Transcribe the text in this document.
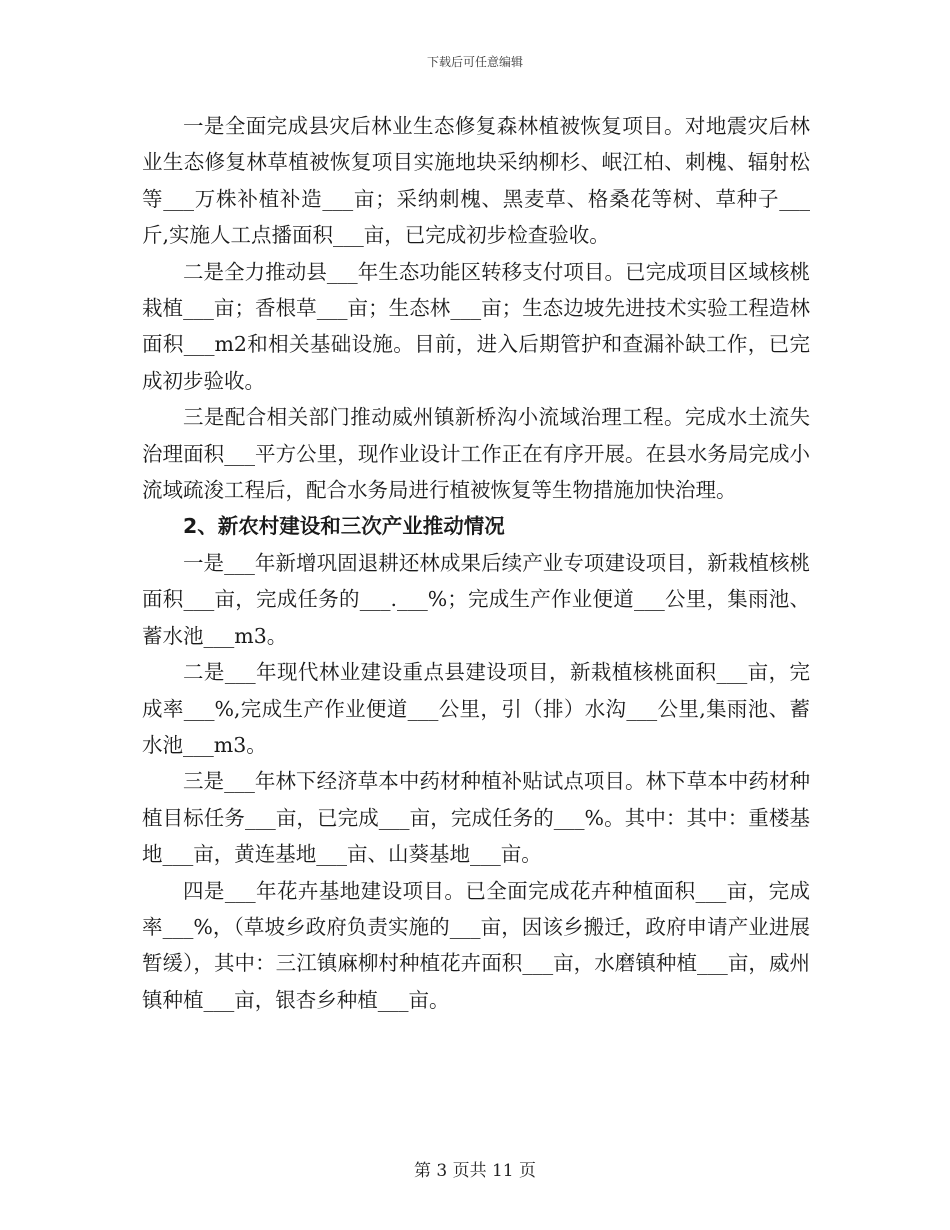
下载后可任意编辑

一是全面完成县灾后林业生态修复森林植被恢复项目。对地震灾后林业生态修复林草植被恢复项目实施地块采纳柳杉、岷江柏、刺槐、辐射松等___万株补植补造___亩；采纳刺槐、黑麦草、格桑花等树、草种子___斤,实施人工点播面积___亩，已完成初步检查验收。

二是全力推动县___年生态功能区转移支付项目。已完成项目区域核桃栽植___亩；香根草___亩；生态林___亩；生态边坡先进技术实验工程造林面积___m2和相关基础设施。目前，进入后期管护和查漏补缺工作，已完成初步验收。

三是配合相关部门推动威州镇新桥沟小流域治理工程。完成水土流失治理面积___平方公里，现作业设计工作正在有序开展。在县水务局完成小流域疏浚工程后，配合水务局进行植被恢复等生物措施加快治理。

2、新农村建设和三次产业推动情况

一是___年新增巩固退耕还林成果后续产业专项建设项目，新栽植核桃面积___亩，完成任务的___.___%；完成生产作业便道___公里，集雨池、蓄水池___m3。

二是___年现代林业建设重点县建设项目，新栽植核桃面积___亩，完成率___%,完成生产作业便道___公里，引（排）水沟___公里,集雨池、蓄水池___m3。

三是___年林下经济草本中药材种植补贴试点项目。林下草本中药材种植目标任务___亩，已完成___亩，完成任务的___%。其中：其中：重楼基地___亩，黄连基地___亩、山葵基地___亩。

四是___年花卉基地建设项目。已全面完成花卉种植面积___亩，完成率___%，（草坡乡政府负责实施的___亩，因该乡搬迁，政府申请产业进展暂缓），其中：三江镇麻柳村种植花卉面积___亩，水磨镇种植___亩，威州镇种植___亩，银杏乡种植___亩。

第 3 页共 11 页
